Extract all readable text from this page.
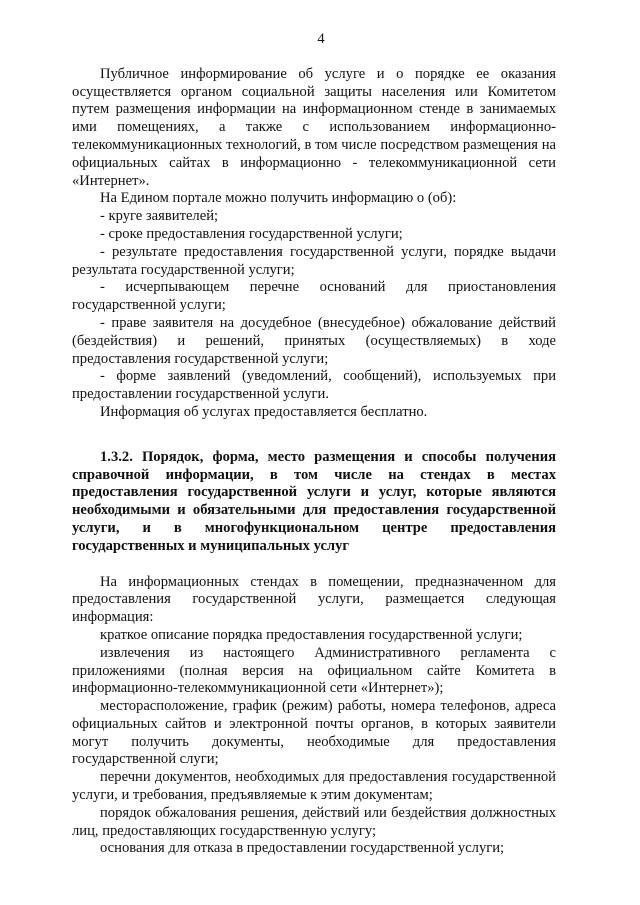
4

Публичное информирование об услуге и о порядке ее оказания осуществляется органом социальной защиты населения или Комитетом путем размещения информации на информационном стенде в занимаемых ими помещениях, а также с использованием информационно-телекоммуникационных технологий, в том числе посредством размещения на официальных сайтах в информационно - телекоммуникационной сети «Интернет».

На Едином портале можно получить информацию о (об):

- круге заявителей;

- сроке предоставления государственной услуги;

- результате предоставления государственной услуги, порядке выдачи результата государственной услуги;

- исчерпывающем перечне оснований для приостановления государственной услуги;

- праве заявителя на досудебное (внесудебное) обжалование действий (бездействия) и решений, принятых (осуществляемых) в ходе предоставления государственной услуги;

- форме заявлений (уведомлений, сообщений), используемых при предоставлении государственной услуги.

Информация об услугах предоставляется бесплатно.

1.3.2. Порядок, форма, место размещения и способы получения справочной информации, в том числе на стендах в местах предоставления государственной услуги и услуг, которые являются необходимыми и обязательными для предоставления государственной услуги, и в многофункциональном центре предоставления государственных и муниципальных услуг

На информационных стендах в помещении, предназначенном для предоставления государственной услуги, размещается следующая информация:

краткое описание порядка предоставления государственной услуги;

извлечения из настоящего Административного регламента с приложениями (полная версия на официальном сайте Комитета в информационно-телекоммуникационной сети «Интернет»);

месторасположение, график (режим) работы, номера телефонов, адреса официальных сайтов и электронной почты органов, в которых заявители могут получить документы, необходимые для предоставления государственной слуги;

перечни документов, необходимых для предоставления государственной услуги, и требования, предъявляемые к этим документам;

порядок обжалования решения, действий или бездействия должностных лиц, предоставляющих государственную услугу;

основания для отказа в предоставлении государственной услуги;
